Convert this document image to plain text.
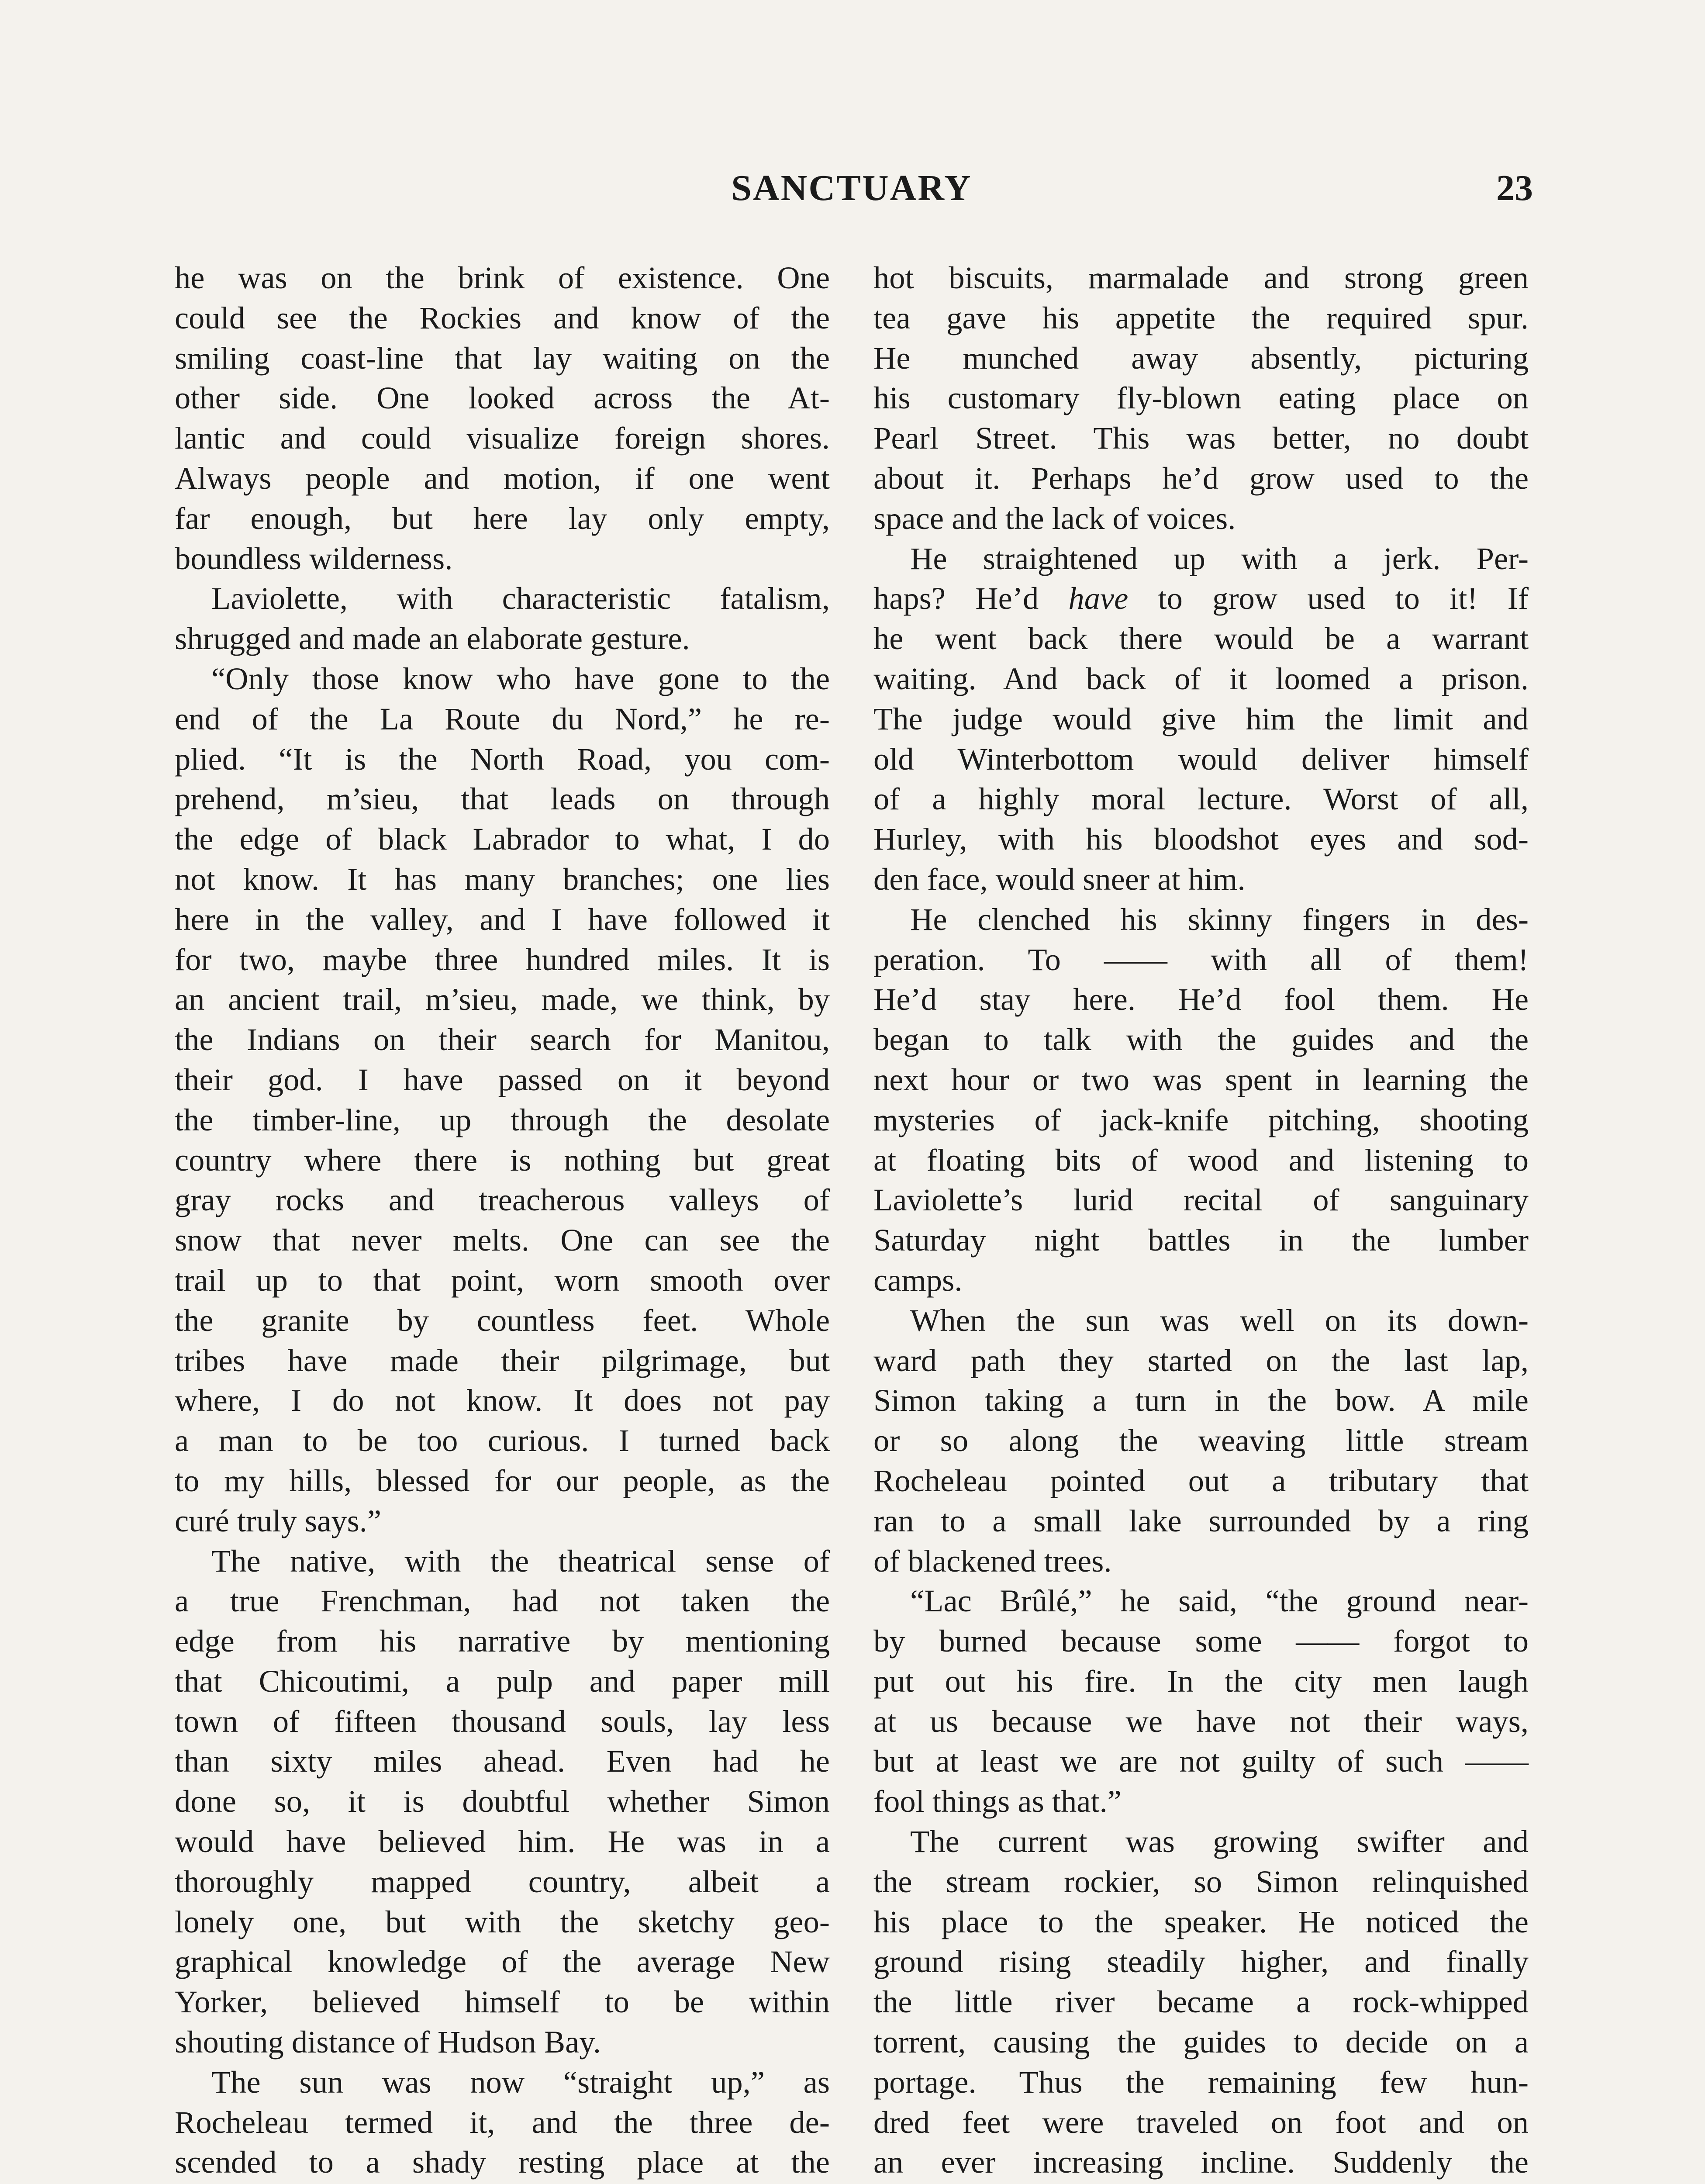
SANCTUARY	23
he was on the brink of existence. One
could see the Rockies and know of the
smiling coast-line that lay waiting on the
other side. One looked across the At-
lantic and could visualize foreign shores.
Always people and motion, if one went
far enough, but here lay only empty,
boundless wilderness.
Laviolette, with characteristic fatalism,
shrugged and made an elaborate gesture.
“Only those know who have gone to the
end of the La Route du Nord,” he re-
plied. “It is the North Road, you com-
prehend, m’sieu, that leads on through
the edge of black Labrador to what, I do
not know. It has many branches; one lies
here in the valley, and I have followed it
for two, maybe three hundred miles. It is
an ancient trail, m’sieu, made, we think, by
the Indians on their search for Manitou,
their god. I have passed on it beyond
the timber-line, up through the desolate
country where there is nothing but great
gray rocks and treacherous valleys of
snow that never melts. One can see the
trail up to that point, worn smooth over
the granite by countless feet. Whole
tribes have made their pilgrimage, but
where, I do not know. It does not pay
a man to be too curious. I turned back
to my hills, blessed for our people, as the
curé truly says.”
The native, with the theatrical sense of
a true Frenchman, had not taken the
edge from his narrative by mentioning
that Chicoutimi, a pulp and paper mill
town of fifteen thousand souls, lay less
than sixty miles ahead. Even had he
done so, it is doubtful whether Simon
would have believed him. He was in a
thoroughly mapped country, albeit a
lonely one, but with the sketchy geo-
graphical knowledge of the average New
Yorker, believed himself to be within
shouting distance of Hudson Bay.
The sun was now “straight up,” as
Rocheleau termed it, and the three de-
scended to a shady resting place at the
hot biscuits, marmalade and strong green
tea gave his appetite the required spur.
He munched away absently, picturing
his customary fly-blown eating place on
Pearl Street. This was better, no doubt
about it. Perhaps he’d grow used to the
space and the lack of voices.
He straightened up with a jerk. Per-
haps? He’d have to grow used to it! If
he went back there would be a warrant
waiting. And back of it loomed a prison.
The judge would give him the limit and
old Winterbottom would deliver himself
of a highly moral lecture. Worst of all,
Hurley, with his bloodshot eyes and sod-
den face, would sneer at him.
He clenched his skinny fingers in des-
peration. To —— with all of them!
He’d stay here. He’d fool them. He
began to talk with the guides and the
next hour or two was spent in learning the
mysteries of jack-knife pitching, shooting
at floating bits of wood and listening to
Laviolette’s lurid recital of sanguinary
Saturday night battles in the lumber
camps.
When the sun was well on its down-
ward path they started on the last lap,
Simon taking a turn in the bow. A mile
or so along the weaving little stream
Rocheleau pointed out a tributary that
ran to a small lake surrounded by a ring
of blackened trees.
“Lac Brûlé,” he said, “the ground near-
by burned because some —— forgot to
put out his fire. In the city men laugh
at us because we have not their ways,
but at least we are not guilty of such ——
fool things as that.”
The current was growing swifter and
the stream rockier, so Simon relinquished
his place to the speaker. He noticed the
ground rising steadily higher, and finally
the little river became a rock-whipped
torrent, causing the guides to decide on a
portage. Thus the remaining few hun-
dred feet were traveled on foot and on
an ever increasing incline. Suddenly the
